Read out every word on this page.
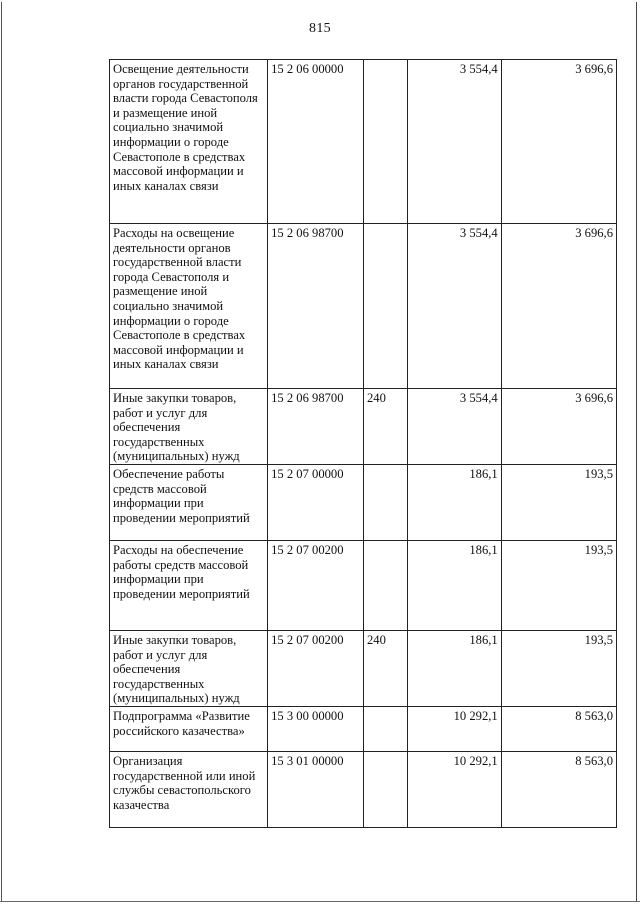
815
Освещение деятельности органов государственной власти города Севастополя и размещение иной социально значимой информации о городе Севастополе в средствах массовой информации и иных каналах связи	15 2 06 00000		3 554,4	3 696,6
Расходы на освещение деятельности органов государственной власти города Севастополя и размещение иной социально значимой информации о городе Севастополе в средствах массовой информации и иных каналах связи	15 2 06 98700		3 554,4	3 696,6
Иные закупки товаров, работ и услуг для обеспечения государственных (муниципальных) нужд	15 2 06 98700	240	3 554,4	3 696,6
Обеспечение работы средств массовой информации при проведении мероприятий	15 2 07 00000		186,1	193,5
Расходы на обеспечение работы средств массовой информации при проведении мероприятий	15 2 07 00200		186,1	193,5
Иные закупки товаров, работ и услуг для обеспечения государственных (муниципальных) нужд	15 2 07 00200	240	186,1	193,5
Подпрограмма «Развитие российского казачества»	15 3 00 00000		10 292,1	8 563,0
Организация государственной или иной службы севастопольского казачества	15 3 01 00000		10 292,1	8 563,0
